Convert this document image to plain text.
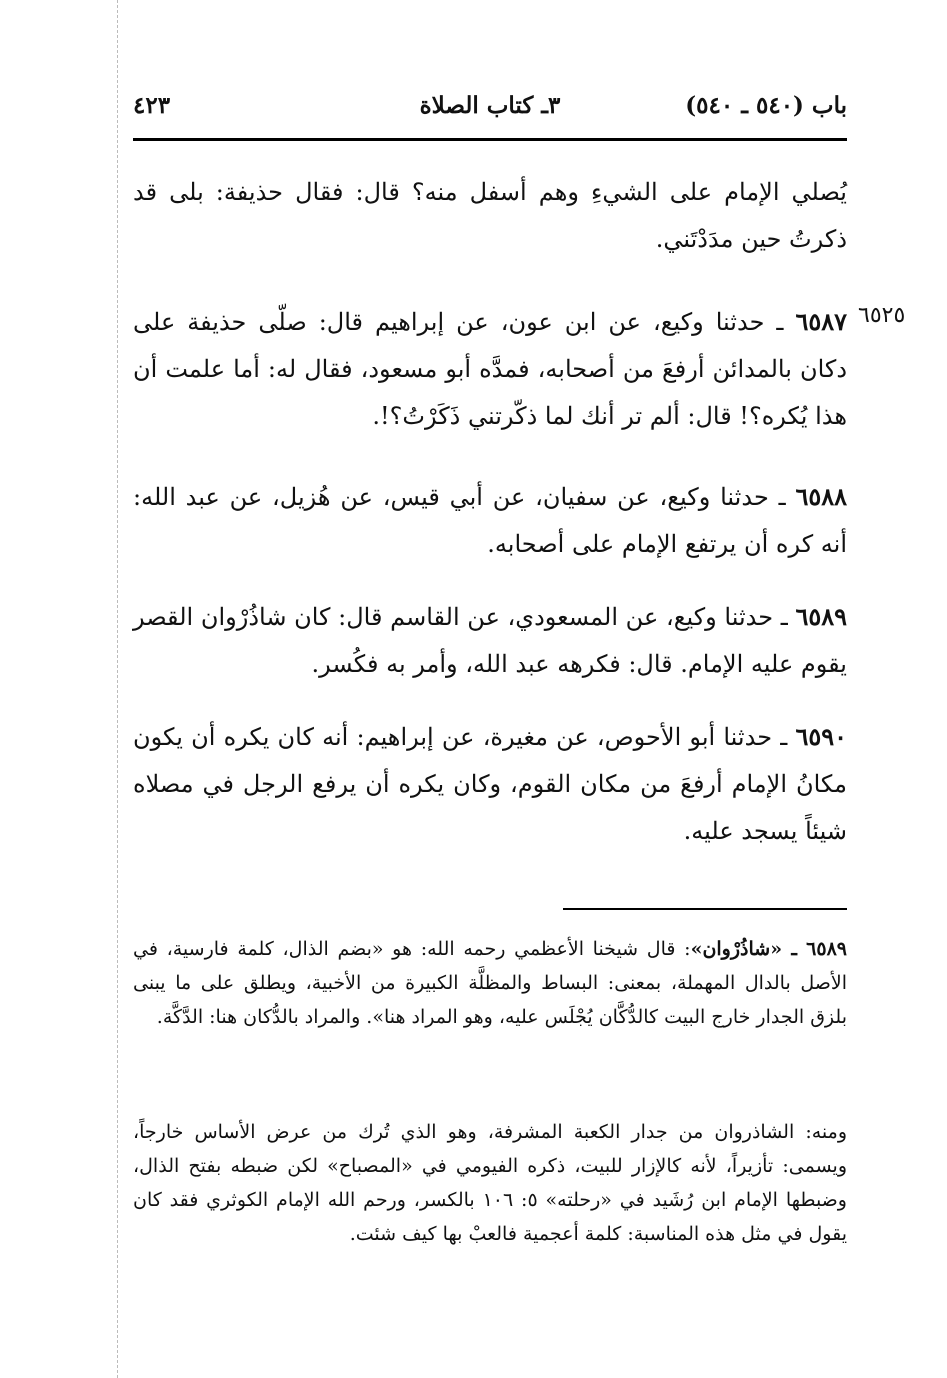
باب (٥٤٠ ـ ٥٤٠)
٣ـ كتاب الصلاة
٤٢٣
٦٥٢٥

يُصلي الإمام على الشيءِ وهم أسفل منه؟ قال: فقال حذيفة: بلى قد ذكرتُ حين مدَدْتَني.

٦٥٨٧ ـ حدثنا وكيع، عن ابن عون، عن إبراهيم قال: صلّى حذيفة على دكان بالمدائن أرفعَ من أصحابه، فمدَّه أبو مسعود، فقال له: أما علمت أن هذا يُكره؟! قال: ألم تر أنك لما ذكّرتني ذَكَرْتُ؟!.

٦٥٨٨ ـ حدثنا وكيع، عن سفيان، عن أبي قيس، عن هُزيل، عن عبد الله: أنه كره أن يرتفع الإمام على أصحابه.

٦٥٨٩ ـ حدثنا وكيع، عن المسعودي، عن القاسم قال: كان شاذُرْوان القصر يقوم عليه الإمام. قال: فكرهه عبد الله، وأمر به فكُسر.

٦٥٩٠ ـ حدثنا أبو الأحوص، عن مغيرة، عن إبراهيم: أنه كان يكره أن يكون مكانُ الإمام أرفعَ من مكان القوم، وكان يكره أن يرفع الرجل في مصلاه شيئاً يسجد عليه.

٦٥٨٩ ـ «شاذُرْوان»: قال شيخنا الأعظمي رحمه الله: هو «بضم الذال، كلمة فارسية، في الأصل بالدال المهملة، بمعنى: البساط والمظلَّة الكبيرة من الأخبية، ويطلق على ما يبنى بلزق الجدار خارج البيت كالدُّكَّان يُجْلَس عليه، وهو المراد هنا». والمراد بالدُّكان هنا: الدَّكَّة.

ومنه: الشاذروان من جدار الكعبة المشرفة، وهو الذي تُرك من عرض الأساس خارجاً، ويسمى: تأزيراً، لأنه كالإزار للبيت، ذكره الفيومي في «المصباح» لكن ضبطه بفتح الذال، وضبطها الإمام ابن رُشَيد في «رحلته» ٥: ١٠٦ بالكسر، ورحم الله الإمام الكوثري فقد كان يقول في مثل هذه المناسبة: كلمة أعجمية فالعبْ بها كيف شئت.
